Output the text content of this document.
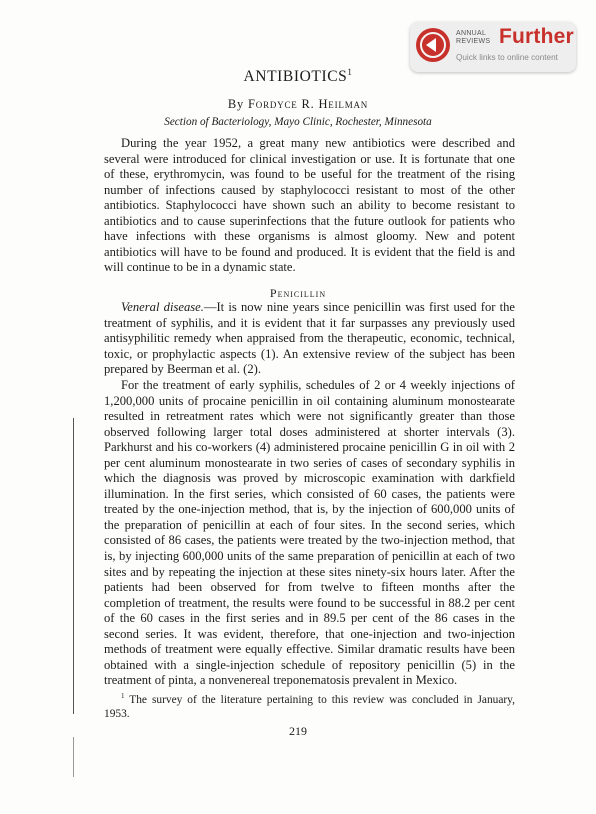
ANNUAL REVIEWS Further
Quick links to online content
ANTIBIOTICS$^1$
By Fordyce R. Heilman
Section of Bacteriology, Mayo Clinic, Rochester, Minnesota

During the year 1952, a great many new antibiotics were described and several were introduced for clinical investigation or use. It is fortunate that one of these, erythromycin, was found to be useful for the treatment of the rising number of infections caused by staphylococci resistant to most of the other antibiotics. Staphylococci have shown such an ability to become resistant to antibiotics and to cause superinfections that the future outlook for patients who have infections with these organisms is almost gloomy. New and potent antibiotics will have to be found and produced. It is evident that the field is and will continue to be in a dynamic state.

Penicillin

Veneral disease.—It is now nine years since penicillin was first used for the treatment of syphilis, and it is evident that it far surpasses any previously used antisyphilitic remedy when appraised from the therapeutic, economic, technical, toxic, or prophylactic aspects (1). An extensive review of the subject has been prepared by Beerman et al. (2).

For the treatment of early syphilis, schedules of 2 or 4 weekly injections of 1,200,000 units of procaine penicillin in oil containing aluminum monostearate resulted in retreatment rates which were not significantly greater than those observed following larger total doses administered at shorter intervals (3). Parkhurst and his co-workers (4) administered procaine penicillin G in oil with 2 per cent aluminum monostearate in two series of cases of secondary syphilis in which the diagnosis was proved by microscopic examination with darkfield illumination. In the first series, which consisted of 60 cases, the patients were treated by the one-injection method, that is, by the injection of 600,000 units of the preparation of penicillin at each of four sites. In the second series, which consisted of 86 cases, the patients were treated by the two-injection method, that is, by injecting 600,000 units of the same preparation of penicillin at each of two sites and by repeating the injection at these sites ninety-six hours later. After the patients had been observed for from twelve to fifteen months after the completion of treatment, the results were found to be successful in 88.2 per cent of the 60 cases in the first series and in 89.5 per cent of the 86 cases in the second series. It was evident, therefore, that one-injection and two-injection methods of treatment were equally effective. Similar dramatic results have been obtained with a single-injection schedule of repository penicillin (5) in the treatment of pinta, a nonvenereal treponematosis prevalent in Mexico.

$^1$ The survey of the literature pertaining to this review was concluded in January, 1953.

219
